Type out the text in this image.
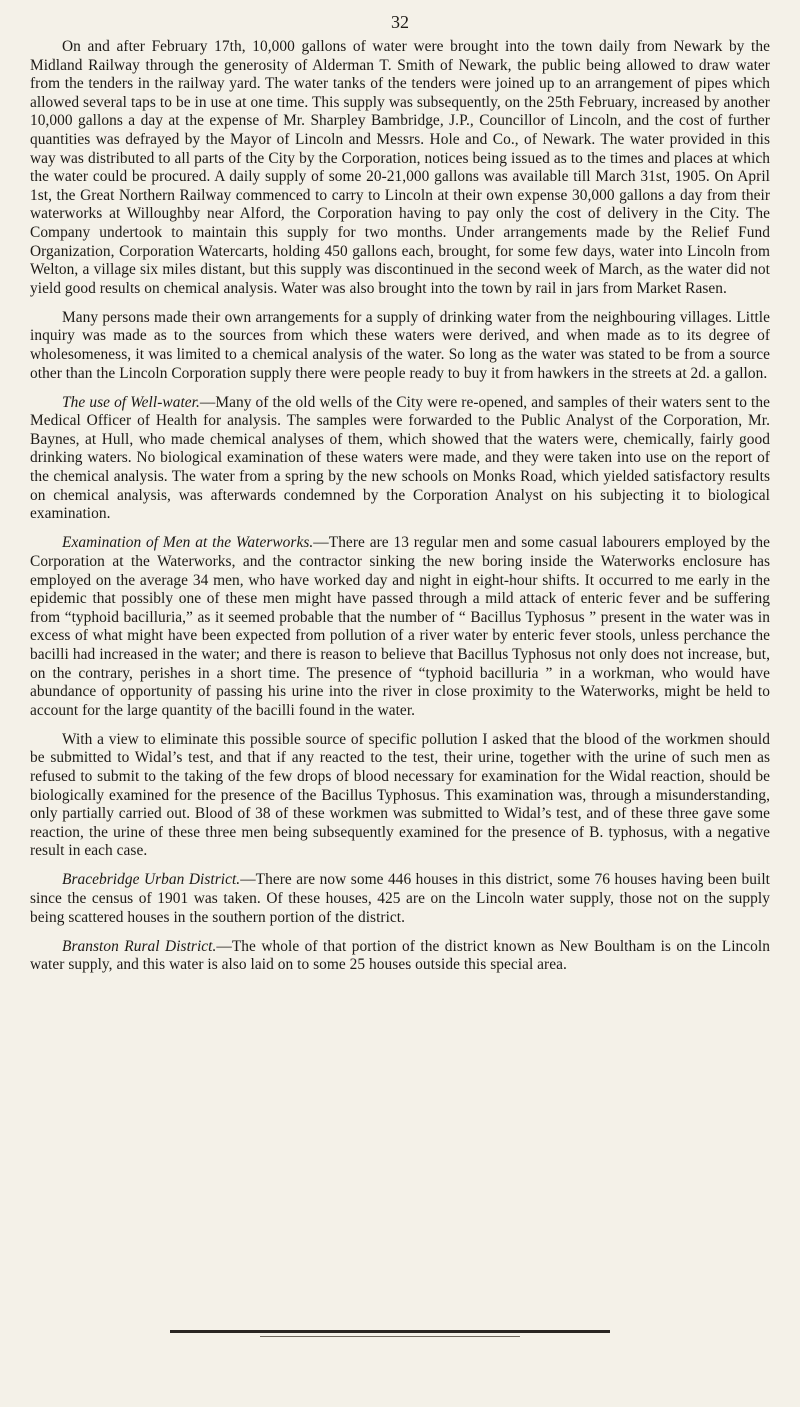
32

On and after February 17th, 10,000 gallons of water were brought into the town daily from Newark by the Midland Railway through the generosity of Alderman T. Smith of Newark, the public being allowed to draw water from the tenders in the railway yard. The water tanks of the tenders were joined up to an arrangement of pipes which allowed several taps to be in use at one time. This supply was subsequently, on the 25th February, increased by another 10,000 gallons a day at the expense of Mr. Sharpley Bambridge, J.P., Councillor of Lincoln, and the cost of further quantities was defrayed by the Mayor of Lincoln and Messrs. Hole and Co., of Newark. The water provided in this way was distributed to all parts of the City by the Corporation, notices being issued as to the times and places at which the water could be procured. A daily supply of some 20-21,000 gallons was available till March 31st, 1905. On April 1st, the Great Northern Railway commenced to carry to Lincoln at their own expense 30,000 gallons a day from their waterworks at Willoughby near Alford, the Corporation having to pay only the cost of delivery in the City. The Company undertook to maintain this supply for two months. Under arrangements made by the Relief Fund Organization, Corporation Watercarts, holding 450 gallons each, brought, for some few days, water into Lincoln from Welton, a village six miles distant, but this supply was discontinued in the second week of March, as the water did not yield good results on chemical analysis. Water was also brought into the town by rail in jars from Market Rasen.

Many persons made their own arrangements for a supply of drinking water from the neighbouring villages. Little inquiry was made as to the sources from which these waters were derived, and when made as to its degree of wholesomeness, it was limited to a chemical analysis of the water. So long as the water was stated to be from a source other than the Lincoln Corporation supply there were people ready to buy it from hawkers in the streets at 2d. a gallon.

The use of Well-water.—Many of the old wells of the City were re-opened, and samples of their waters sent to the Medical Officer of Health for analysis. The samples were forwarded to the Public Analyst of the Corporation, Mr. Baynes, at Hull, who made chemical analyses of them, which showed that the waters were, chemically, fairly good drinking waters. No biological examination of these waters were made, and they were taken into use on the report of the chemical analysis. The water from a spring by the new schools on Monks Road, which yielded satisfactory results on chemical analysis, was afterwards condemned by the Corporation Analyst on his subjecting it to biological examination.

Examination of Men at the Waterworks.—There are 13 regular men and some casual labourers employed by the Corporation at the Waterworks, and the contractor sinking the new boring inside the Waterworks enclosure has employed on the average 34 men, who have worked day and night in eight-hour shifts. It occurred to me early in the epidemic that possibly one of these men might have passed through a mild attack of enteric fever and be suffering from “typhoid bacilluria,” as it seemed probable that the number of “ Bacillus Typhosus ” present in the water was in excess of what might have been expected from pollution of a river water by enteric fever stools, unless perchance the bacilli had increased in the water; and there is reason to believe that Bacillus Typhosus not only does not increase, but, on the contrary, perishes in a short time. The presence of “typhoid bacilluria ” in a workman, who would have abundance of opportunity of passing his urine into the river in close proximity to the Waterworks, might be held to account for the large quantity of the bacilli found in the water.

With a view to eliminate this possible source of specific pollution I asked that the blood of the workmen should be submitted to Widal’s test, and that if any reacted to the test, their urine, together with the urine of such men as refused to submit to the taking of the few drops of blood necessary for examination for the Widal reaction, should be biologically examined for the presence of the Bacillus Typhosus. This examination was, through a misunderstanding, only partially carried out. Blood of 38 of these workmen was submitted to Widal’s test, and of these three gave some reaction, the urine of these three men being subsequently examined for the presence of B. typhosus, with a negative result in each case.

Bracebridge Urban District.—There are now some 446 houses in this district, some 76 houses having been built since the census of 1901 was taken. Of these houses, 425 are on the Lincoln water supply, those not on the supply being scattered houses in the southern portion of the district.

Branston Rural District.—The whole of that portion of the district known as New Boultham is on the Lincoln water supply, and this water is also laid on to some 25 houses outside this special area.
